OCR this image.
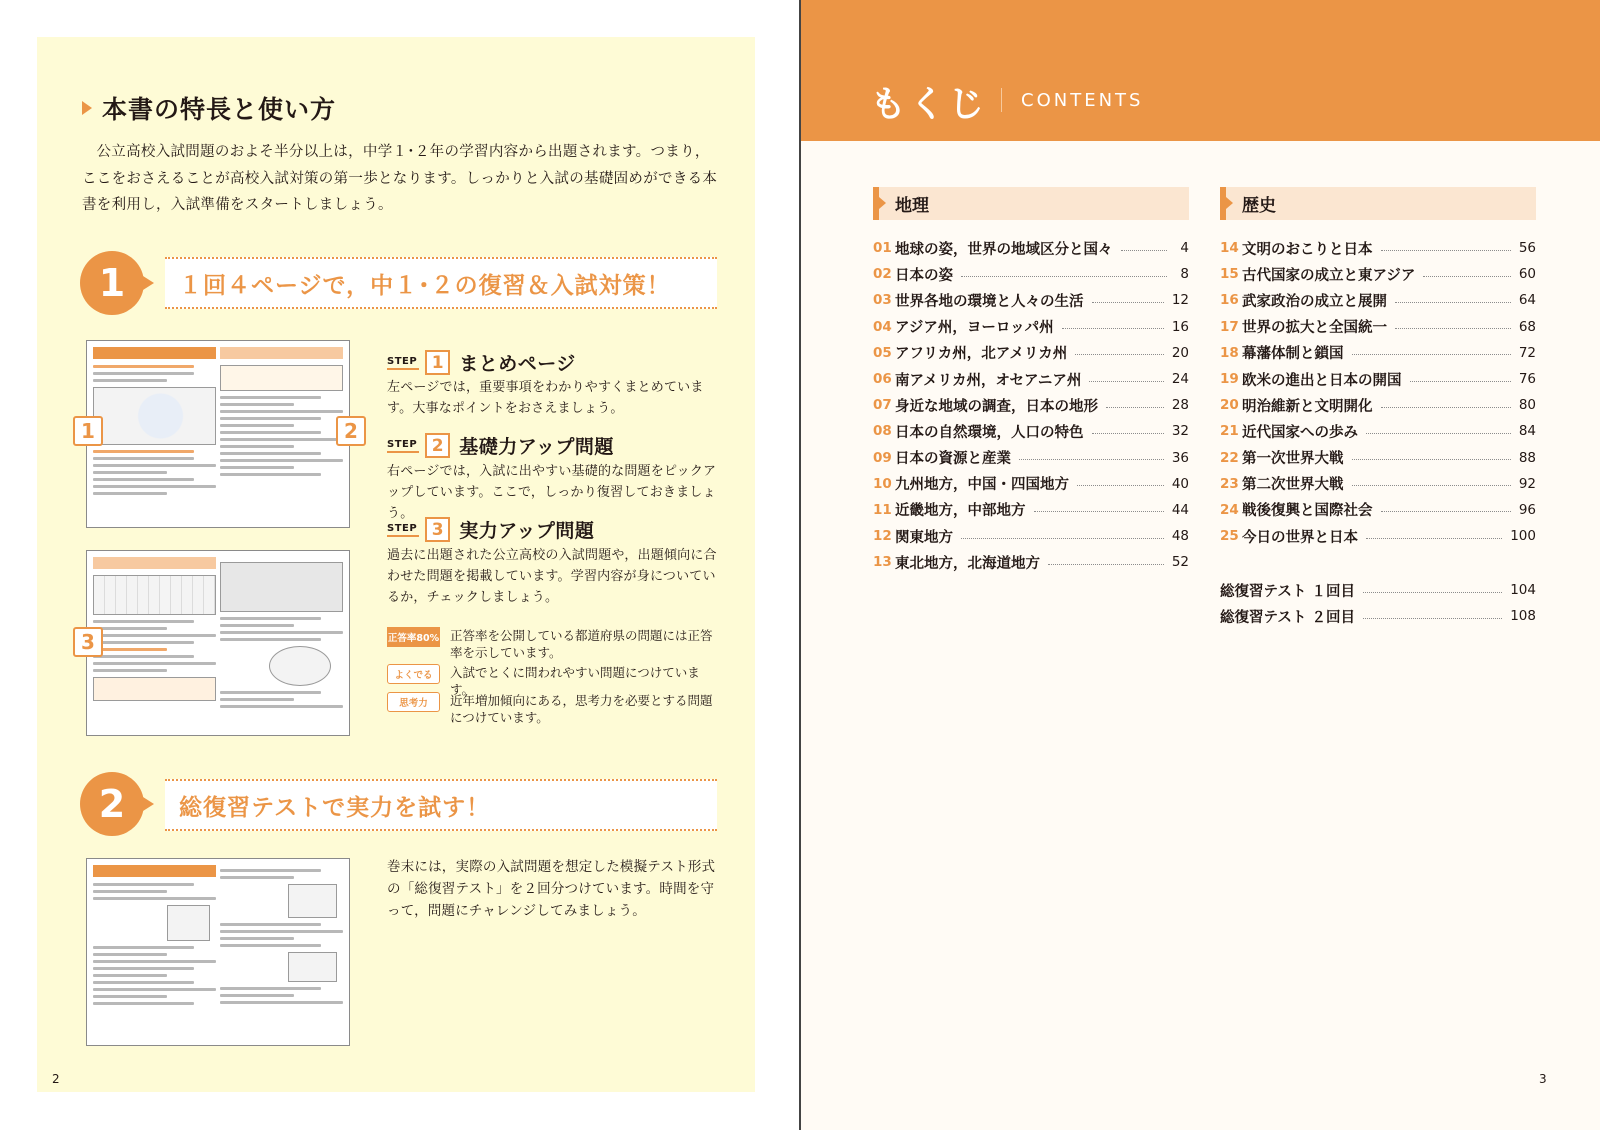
本書の特長と使い方

公立高校入試問題のおよそ半分以上は，中学１･２年の学習内容から出題されます。つまり，ここをおさえることが高校入試対策の第一歩となります。しっかりと入試の基礎固めができる本書を利用し，入試準備をスタートしましょう。

1	１回４ページで，中１･２の復習＆入試対策！
1	2
3
STEP 1 まとめページ

左ページでは，重要事項をわかりやすくまとめています。大事なポイントをおさえましょう。

STEP 2 基礎力アップ問題

右ページでは，入試に出やすい基礎的な問題をピックアップしています。ここで，しっかり復習しておきましょう。

STEP 3 実力アップ問題

過去に出題された公立高校の入試問題や，出題傾向に合わせた問題を掲載しています。学習内容が身についているか，チェックしましょう。

正答率80% 正答率を公開している都道府県の問題には正答率を示しています。
よくでる	入試でとくに問われやすい問題につけています。
思考力	近年増加傾向にある，思考力を必要とする問題につけています。
2	総復習テストで実力を試す！

巻末には，実際の入試問題を想定した模擬テスト形式の「総復習テスト」を２回分つけています。時間を守って，問題にチャレンジしてみましょう。

2
もくじ CONTENTS
地理
01 地球の姿，世界の地域区分と国々	4
02 日本の姿	8
03 世界各地の環境と人々の生活	12
04 アジア州，ヨーロッパ州	16
05 アフリカ州，北アメリカ州	20
06 南アメリカ州，オセアニア州	24
07 身近な地域の調査，日本の地形	28
08 日本の自然環境，人口の特色	32
09 日本の資源と産業	36
10 九州地方，中国・四国地方	40
11 近畿地方，中部地方	44
12 関東地方	48
13 東北地方，北海道地方	52
歴史
14 文明のおこりと日本	56
15 古代国家の成立と東アジア	60
16 武家政治の成立と展開	64
17 世界の拡大と全国統一	68
18 幕藩体制と鎖国	72
19 欧米の進出と日本の開国	76
20 明治維新と文明開化	80
21 近代国家への歩み	84
22 第一次世界大戦	88
23 第二次世界大戦	92
24 戦後復興と国際社会	96
25 今日の世界と日本	100
総復習テスト １回目	104
総復習テスト ２回目	108
3
